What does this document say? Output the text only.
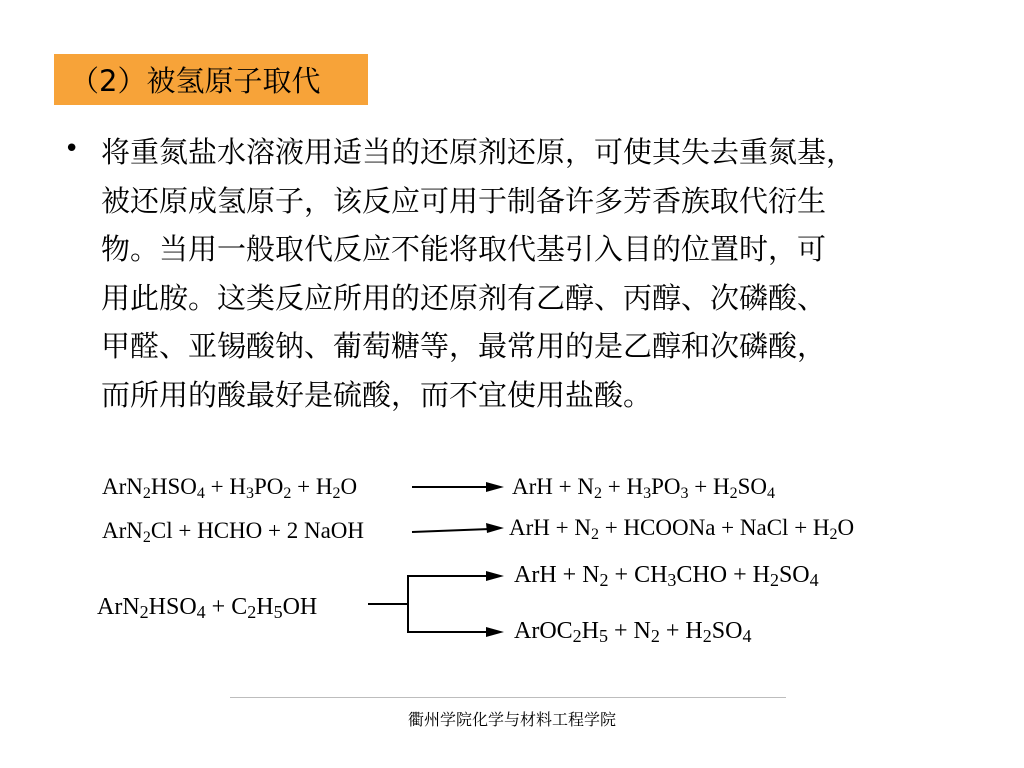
（2）被氢原子取代
• 将重氮盐水溶液用适当的还原剂还原，可使其失去重氮基，
被还原成氢原子，该反应可用于制备许多芳香族取代衍生
物。当用一般取代反应不能将取代基引入目的位置时，可
用此胺。这类反应所用的还原剂有乙醇、丙醇、次磷酸、
甲醛、亚锡酸钠、葡萄糖等，最常用的是乙醇和次磷酸，
而所用的酸最好是硫酸，而不宜使用盐酸。
$ArN_2HSO_4 + H_3PO_2 + H_2O$	ArH + $N_2 + H_3PO_3 + H_2SO_4$
ArN$_2$Cl + HCHO + 2 NaOH	ArH + $N_2$ + HCOONa + NaCl + $H_2O$
$ArN_2HSO_4 + C_2H_5OH$
ArH + $N_2 + CH_3CHO + H_2SO_4$
$ArOC_2H_5 + N_2 + H_2SO_4$
衢州学院化学与材料工程学院
